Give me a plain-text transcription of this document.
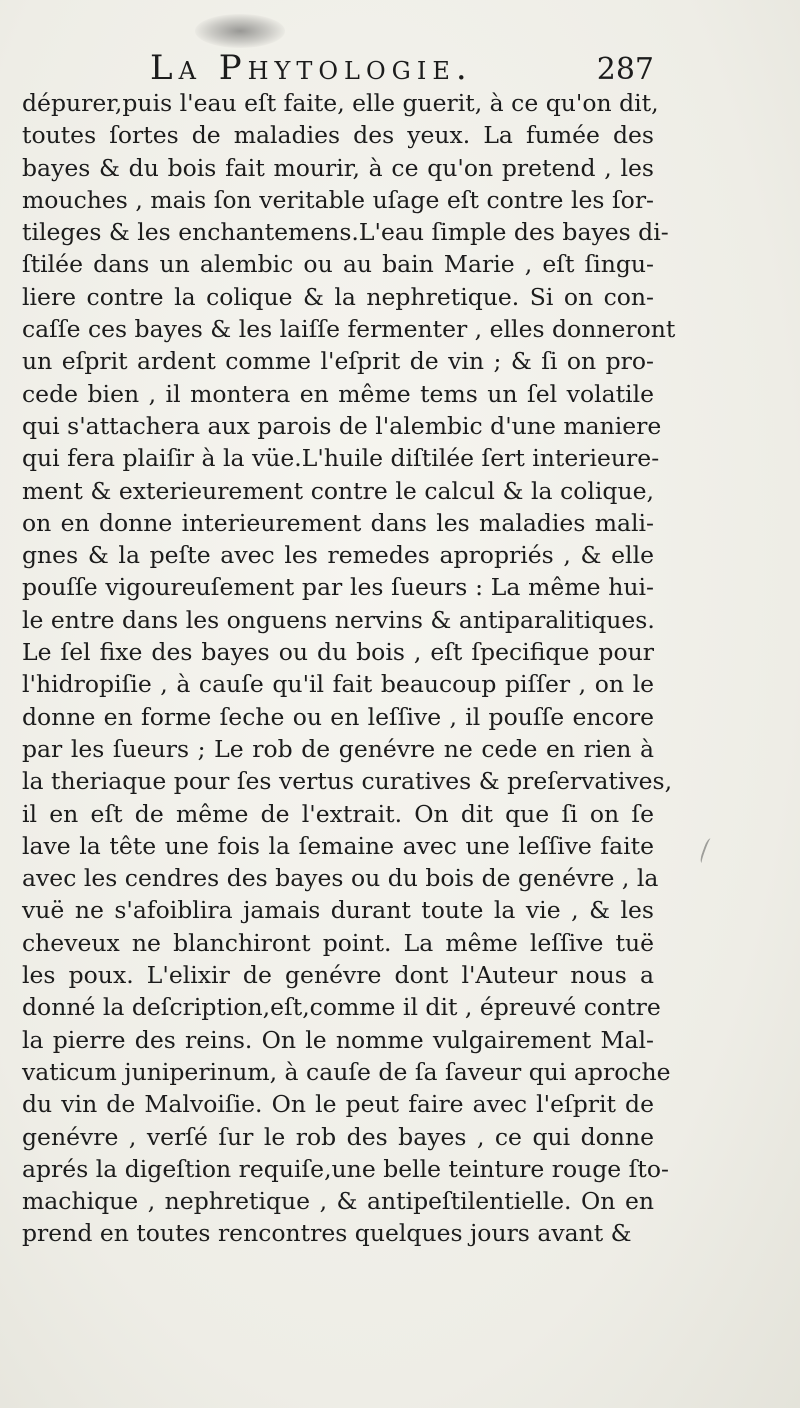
La Phytologie.	287
dépurer,puis l'eau eſt faite, elle guerit, à ce qu'on dit,
toutes ſortes de maladies des yeux. La fumée des
bayes & du bois fait mourir, à ce qu'on pretend , les
mouches , mais ſon veritable uſage eſt contre les ſor-
tileges & les enchantemens.L'eau ſimple des bayes di-
ſtilée dans un alembic ou au bain Marie , eſt ſingu-
liere contre la colique & la nephretique. Si on con-
caſſe ces bayes & les laiſſe fermenter , elles donneront
un eſprit ardent comme l'eſprit de vin ; & ſi on pro-
cede bien , il montera en même tems un ſel volatile
qui s'attachera aux parois de l'alembic d'une maniere
qui fera plaiſir à la vüe.L'huile diſtilée ſert interieure-
ment & exterieurement contre le calcul & la colique,
on en donne interieurement dans les maladies mali-
gnes & la peſte avec les remedes apropriés , & elle
pouſſe vigoureuſement par les ſueurs : La même hui-
le entre dans les onguens nervins & antiparalitiques.
Le ſel fixe des bayes ou du bois , eſt ſpecifique pour
l'hidropiſie , à cauſe qu'il fait beaucoup piſſer , on le
donne en forme ſeche ou en leſſive , il pouſſe encore
par les ſueurs ; Le rob de genévre ne cede en rien à
la theriaque pour ſes vertus curatives & preſervatives,
il en eſt de même de l'extrait. On dit que ſi on ſe
lave la tête une fois la ſemaine avec une leſſive faite
avec les cendres des bayes ou du bois de genévre , la
vuë ne s'afoiblira jamais durant toute la vie , & les
cheveux ne blanchiront point. La même leſſive tuë
les poux. L'elixir de genévre dont l'Auteur nous a
donné la deſcription,eſt,comme il dit , épreuvé contre
la pierre des reins. On le nomme vulgairement Mal-
vaticum juniperinum, à cauſe de ſa ſaveur qui aproche
du vin de Malvoiſie. On le peut faire avec l'eſprit de
genévre , verſé ſur le rob des bayes , ce qui donne
aprés la digeſtion requiſe,une belle teinture rouge ſto-
machique , nephretique , & antipeſtilentielle. On en
prend en toutes rencontres quelques jours avant &
